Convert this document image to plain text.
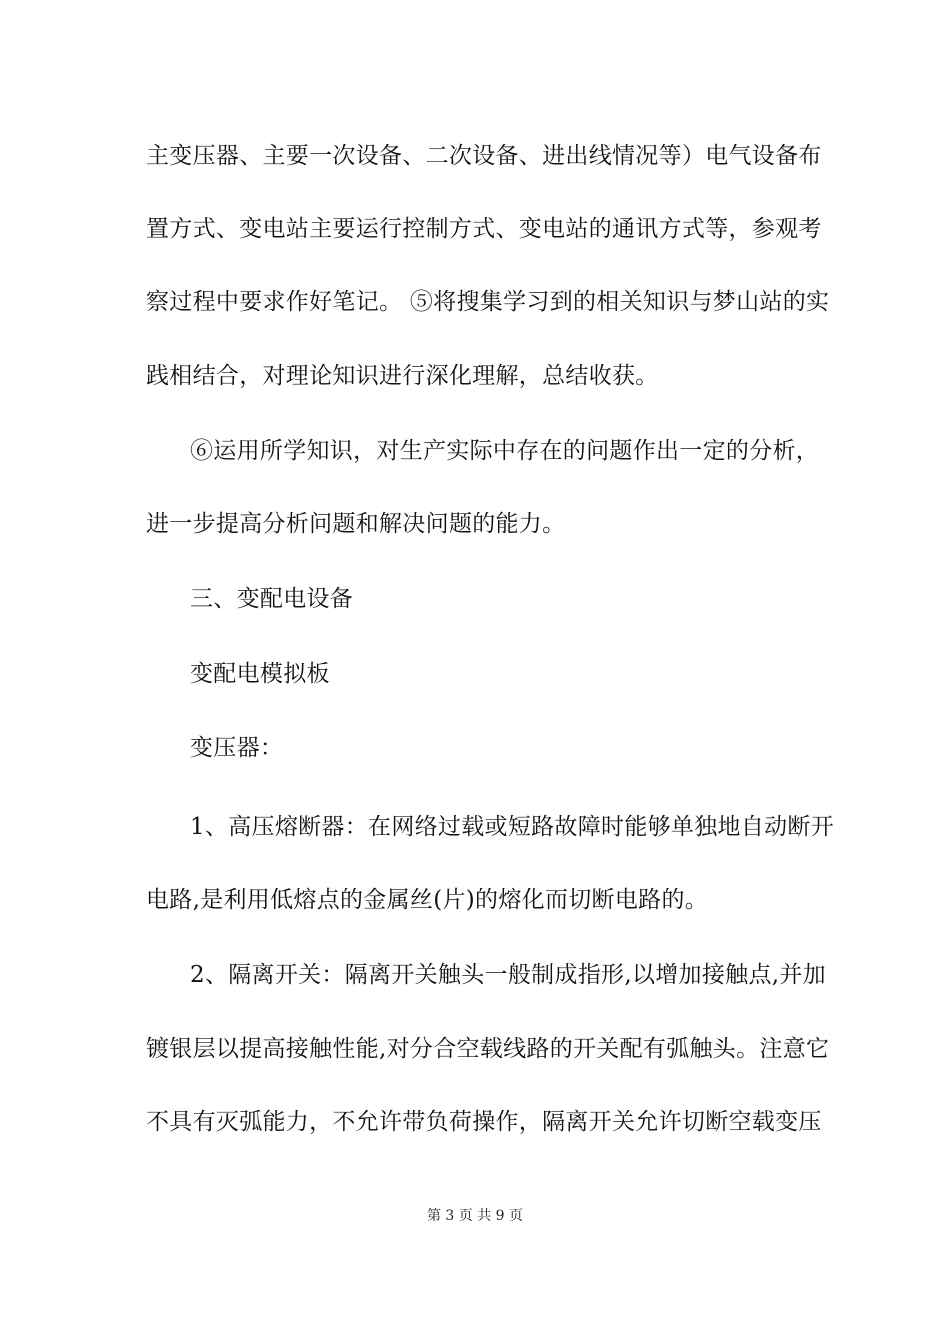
主变压器、主要一次设备、二次设备、进出线情况等）电气设备布
置方式、变电站主要运行控制方式、变电站的通讯方式等，参观考
察过程中要求作好笔记。 ⑤将搜集学习到的相关知识与梦山站的实
践相结合，对理论知识进行深化理解，总结收获。
⑥运用所学知识，对生产实际中存在的问题作出一定的分析，
进一步提高分析问题和解决问题的能力。
三、变配电设备
变配电模拟板
变压器：
1、高压熔断器：在网络过载或短路故障时能够单独地自动断开
电路,是利用低熔点的金属丝(片)的熔化而切断电路的。
2、隔离开关：隔离开关触头一般制成指形,以增加接触点,并加
镀银层以提高接触性能,对分合空载线路的开关配有弧触头。注意它
不具有灭弧能力，不允许带负荷操作，隔离开关允许切断空载变压
第 3 页 共 9 页
